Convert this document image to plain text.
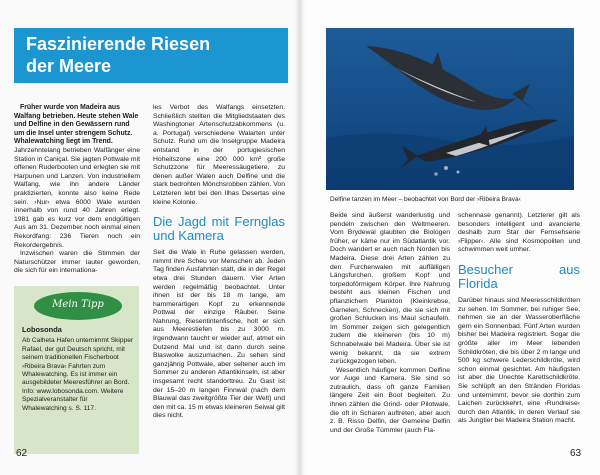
Faszinierende Riesen
der Meere

Früher wurde von Madeira aus Walfang betrieben. Heute stehen Wale und Delfine in den Gewässern rund um die Insel unter strengem Schutz. Whalewatching liegt im Trend.

Jahrzehntelang betrieben Walfänger eine Station in Caniçal. Sie jagten Pottwale mit offenen Ruderbooten und erlegten sie mit Harpunen und Lanzen. Von industriellem Walfang, wie ihn andere Länder praktizierten, konnte also keine Rede sein. ›Nur‹ etwa 6000 Wale wurden innerhalb von rund 40 Jahren erlegt. 1981 gab es kurz vor dem endgültigen Aus am 31. Dezember noch einmal einen Rekordfang: 236 Tieren noch ein Rekordergebnis.

Inzwischen waren die Stimmen der Naturschützer immer lauter geworden, die sich für ein internationa-

Mein Tipp

Lobosonda

Ab Calheta Hafen unternimmt Skipper Rafael, der gut Deutsch spricht, mit seinem traditionellen Fischerboot ›Ribeira Brava‹ Fahrten zum Whalewatching. Es ist immer ein ausgebildeter Meeresführer an Bord. Info: www.lobosonda.com. Weitere Spezialveranstalter für Whalewatching s. S. 117.

les Verbot des Walfangs einsetzten. Schließlich stellten die Mitgliedstaaten des Washingtoner Artenschutzabkommens (u. a. Portugal) verschiedene Walarten unter Schutz. Rund um die Inselgruppe Madeira entstand in der portugiesischen Hoheitszone eine 200 000 km² große Schutzzone für Meeressäugetiere, zu denen außer Walen auch Delfine und die stark bedrohten Mönchsrobben zählen. Von Letzteren lebt bei den Ilhas Desertas eine kleine Kolonie.

Die Jagd mit Fernglas und Kamera

Seit die Wale in Ruhe gelassen werden, nimmt ihre Scheu vor Menschen ab. Jeden Tag finden Ausfahrten statt, die in der Regel etwa drei Stunden dauern. Vier Arten werden regelmäßig beobachtet. Unter ihnen ist der bis 18 m lange, am hammerartigen Kopf zu erkennende Pottwal der einzige Räuber. Seine Nahrung, Riesentintenfische, holt er sich aus Meerestiefen bis zu 3000 m. Irgendwann taucht er wieder auf, atmet ein Dutzend Mal und ist dann durch seine Blaswolke auszumachen. Zu sehen sind ganzjährig Pottwale, aber seltener auch im Sommer zu anderen Atlantikinseln, ist aber insgesamt recht standorttreu. Zu Gast ist der 15–20 m langen Finnwal (nach dem Blauwal das zweitgrößte Tier der Welt) und den mit ca. 15 m etwas kleineren Seiwal gilt dies nicht.

62

Delfine tanzen im Meer – beobachtet von Bord der ›Ribeira Brava‹

Beide sind äußerst wanderlustig und pendeln zwischen den Weltmeeren. Vom Brydewal glaubten die Biologen früher, er käme nur im Südatlantik vor. Doch wandert er auch nach Norden bis Madeira. Diese drei Arten zählen zu den Furchenwalen mit auffälligen Längsfurchen, großem Kopf und torpedoförmigem Körper. Ihre Nahrung besteht aus kleinen Fischen und pflanzlichem Plankton (Kleinkrebse, Garnelen, Schnecken), die sie sich mit großen Schlucken ins Maul schaufeln. Im Sommer zeigen sich gelegentlich zudem die kleineren (bis 10 m) Schnabelwale bei Madeira. Über sie ist wenig bekannt, da sie extrem zurückgezogen leben.

Wesentlich häufiger kommen Delfine vor Auge und Kamera. Sie sind so zutraulich, dass oft ganze Familien längere Zeit ein Boot begleiten. Zu ihnen zählen die Grind- oder Pilotwale, die oft in Scharen auftreten, aber auch z. B. Risso Delfin, der Gemeine Delfin und der Große Tümmler (auch Fla-

schennase genannt). Letzterer gilt als besonders intelligent und avancierte deshalb zum Star der Fernsehserie ›Flipper‹. Alle sind Kosmopoliten und schwimmen weit umher.

Besucher aus Florida

Darüber hinaus sind Meeresschildkröten zu sehen. Im Sommer, bei ruhiger See, nehmen sie an der Wasseroberfläche gern ein Sonnenbad. Fünf Arten wurden bisher bei Madeira registriert. Sogar die größte aller im Meer lebenden Schildkröten, die bis über 2 m lange und 500 kg schwere Lederschildkröte, wird schon einmal gesichtet. Am häufigsten ist aber die Unechte Karettschildkröte. Sie schlüpft an den Stränden Floridas und unternimmt, bevor sie dorthin zum Laichen zurückkehrt, eine ›Rundreise‹ durch den Atlantik, in deren Verlauf sie als Jungtier bei Madeira Station macht.

63
